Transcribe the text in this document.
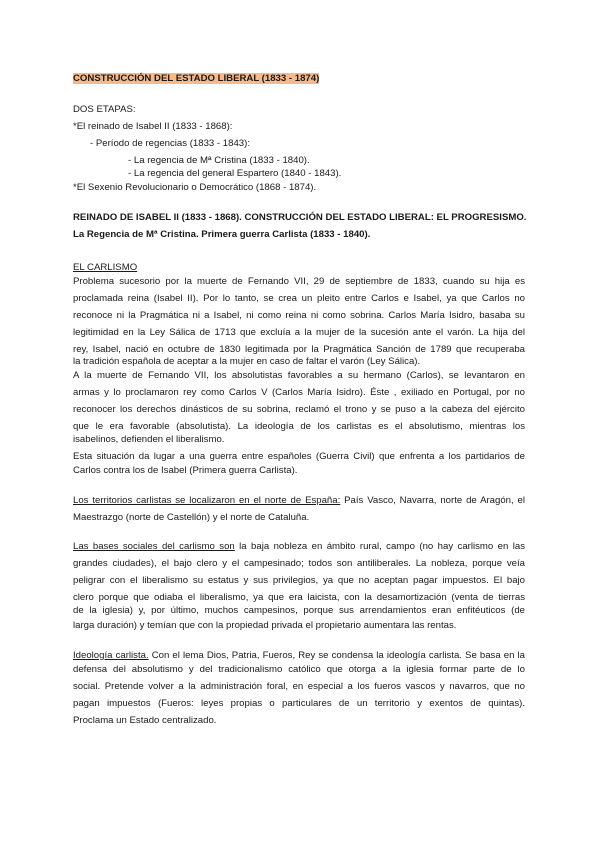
CONSTRUCCIÓN DEL ESTADO LIBERAL (1833 - 1874)
DOS ETAPAS:
*El reinado de Isabel II (1833 - 1868):
- Período de regencias (1833 - 1843):
- La regencia de Mª Cristina (1833 - 1840).
- La regencia del general Espartero (1840 - 1843).
*El Sexenio Revolucionario o Democrático (1868 - 1874).
REINADO DE ISABEL II (1833 - 1868). CONSTRUCCIÓN DEL ESTADO LIBERAL: EL PROGRESISMO.
La Regencia de Mª Cristina. Primera guerra Carlista (1833 - 1840).
EL CARLISMO
Problema sucesorio por la muerte de Fernando VII, 29 de septiembre de 1833, cuando su hija es
proclamada reina (Isabel II). Por lo tanto, se crea un pleito entre Carlos e Isabel, ya que Carlos no
reconoce ni la Pragmática ni a Isabel, ni como reina ni como sobrina. Carlos María Isidro, basaba su
legitimidad en la Ley Sálica de 1713 que excluía a la mujer de la sucesión ante el varón. La hija del
rey, Isabel, nació en octubre de 1830 legitimada por la Pragmática Sanción de 1789 que recuperaba
la tradición española de aceptar a la mujer en caso de faltar el varón (Ley Sálica).
A la muerte de Fernando VII, los absolutistas favorables a su hermano (Carlos), se levantaron en
armas y lo proclamaron rey como Carlos V (Carlos María Isidro). Éste , exiliado en Portugal, por no
reconocer los derechos dinásticos de su sobrina, reclamó el trono y se puso a la cabeza del ejército
que le era favorable (absolutista). La ideología de los carlistas es el absolutismo, mientras los
isabelinos, defienden el liberalismo.
Esta situación da lugar a una guerra entre españoles (Guerra Civil) que enfrenta a los partidarios de
Carlos contra los de Isabel (Primera guerra Carlista).
Los territorios carlistas se localizaron en el norte de España: País Vasco, Navarra, norte de Aragón, el
Maestrazgo (norte de Castellón) y el norte de Cataluña.
Las bases sociales del carlismo son la baja nobleza en ámbito rural, campo (no hay carlismo en las
grandes ciudades), el bajo clero y el campesinado; todos son antiliberales. La nobleza, porque veía
peligrar con el liberalismo su estatus y sus privilegios, ya que no aceptan pagar impuestos. El bajo
clero porque que odiaba el liberalismo, ya que era laicista, con la desamortización (venta de tierras
de la iglesia) y, por último, muchos campesinos, porque sus arrendamientos eran enfitéuticos (de
larga duración) y temían que con la propiedad privada el propietario aumentara las rentas.
Ideología carlista. Con el lema Dios, Patria, Fueros, Rey se condensa la ideología carlista. Se basa en la
defensa del absolutismo y del tradicionalismo católico que otorga a la iglesia formar parte de lo
social. Pretende volver a la administración foral, en especial a los fueros vascos y navarros, que no
pagan impuestos (Fueros: leyes propias o particulares de un territorio y exentos de quintas).
Proclama un Estado centralizado.
